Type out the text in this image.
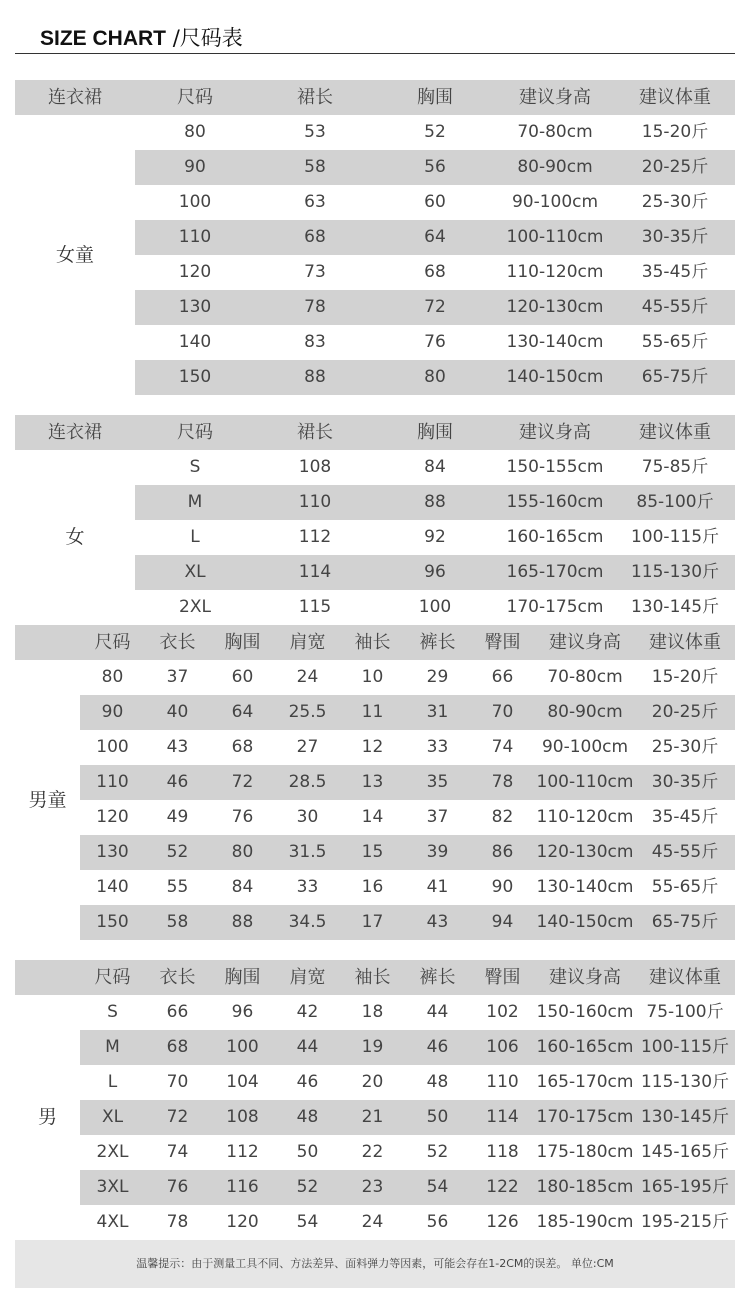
SIZE CHART /尺码表
连衣裙	尺码	裙长	胸围	建议身高	建议体重
80	53	52	70-80cm	15-20斤
90	58	56	80-90cm	20-25斤
100	63	60	90-100cm	25-30斤
110	68	64	100-110cm	30-35斤
120	73	68	110-120cm	35-45斤
130	78	72	120-130cm	45-55斤
140	83	76	130-140cm	55-65斤
150	88	80	140-150cm	65-75斤
女童
连衣裙	尺码	裙长	胸围	建议身高	建议体重
S	108	84	150-155cm	75-85斤
M	110	88	155-160cm	85-100斤
L	112	92	160-165cm	100-115斤
XL	114	96	165-170cm	115-130斤
2XL	115	100	170-175cm	130-145斤
女
尺码	衣长	胸围	肩宽	袖长	裤长	臀围	建议身高	建议体重
80	37	60	24	10	29	66	70-80cm	15-20斤
90	40	64	25.5	11	31	70	80-90cm	20-25斤
100	43	68	27	12	33	74	90-100cm	25-30斤
110	46	72	28.5	13	35	78	100-110cm	30-35斤
120	49	76	30	14	37	82	110-120cm	35-45斤
130	52	80	31.5	15	39	86	120-130cm	45-55斤
140	55	84	33	16	41	90	130-140cm	55-65斤
150	58	88	34.5	17	43	94	140-150cm	65-75斤
男童
尺码	衣长	胸围	肩宽	袖长	裤长	臀围	建议身高	建议体重
S	66	96	42	18	44	102	150-160cm 75-100斤
M	68	100	44	19	46	106	160-165cm 100-115斤
L	70	104	46	20	48	110	165-170cm 115-130斤
XL	72	108	48	21	50	114	170-175cm 130-145斤
2XL	74	112	50	22	52	118	175-180cm 145-165斤
3XL	76	116	52	23	54	122	180-185cm 165-195斤
4XL	78	120	54	24	56	126	185-190cm 195-215斤
男
温馨提示：由于测量工具不同、方法差异、面料弹力等因素，可能会存在1-2CM的误差。 单位:CM
